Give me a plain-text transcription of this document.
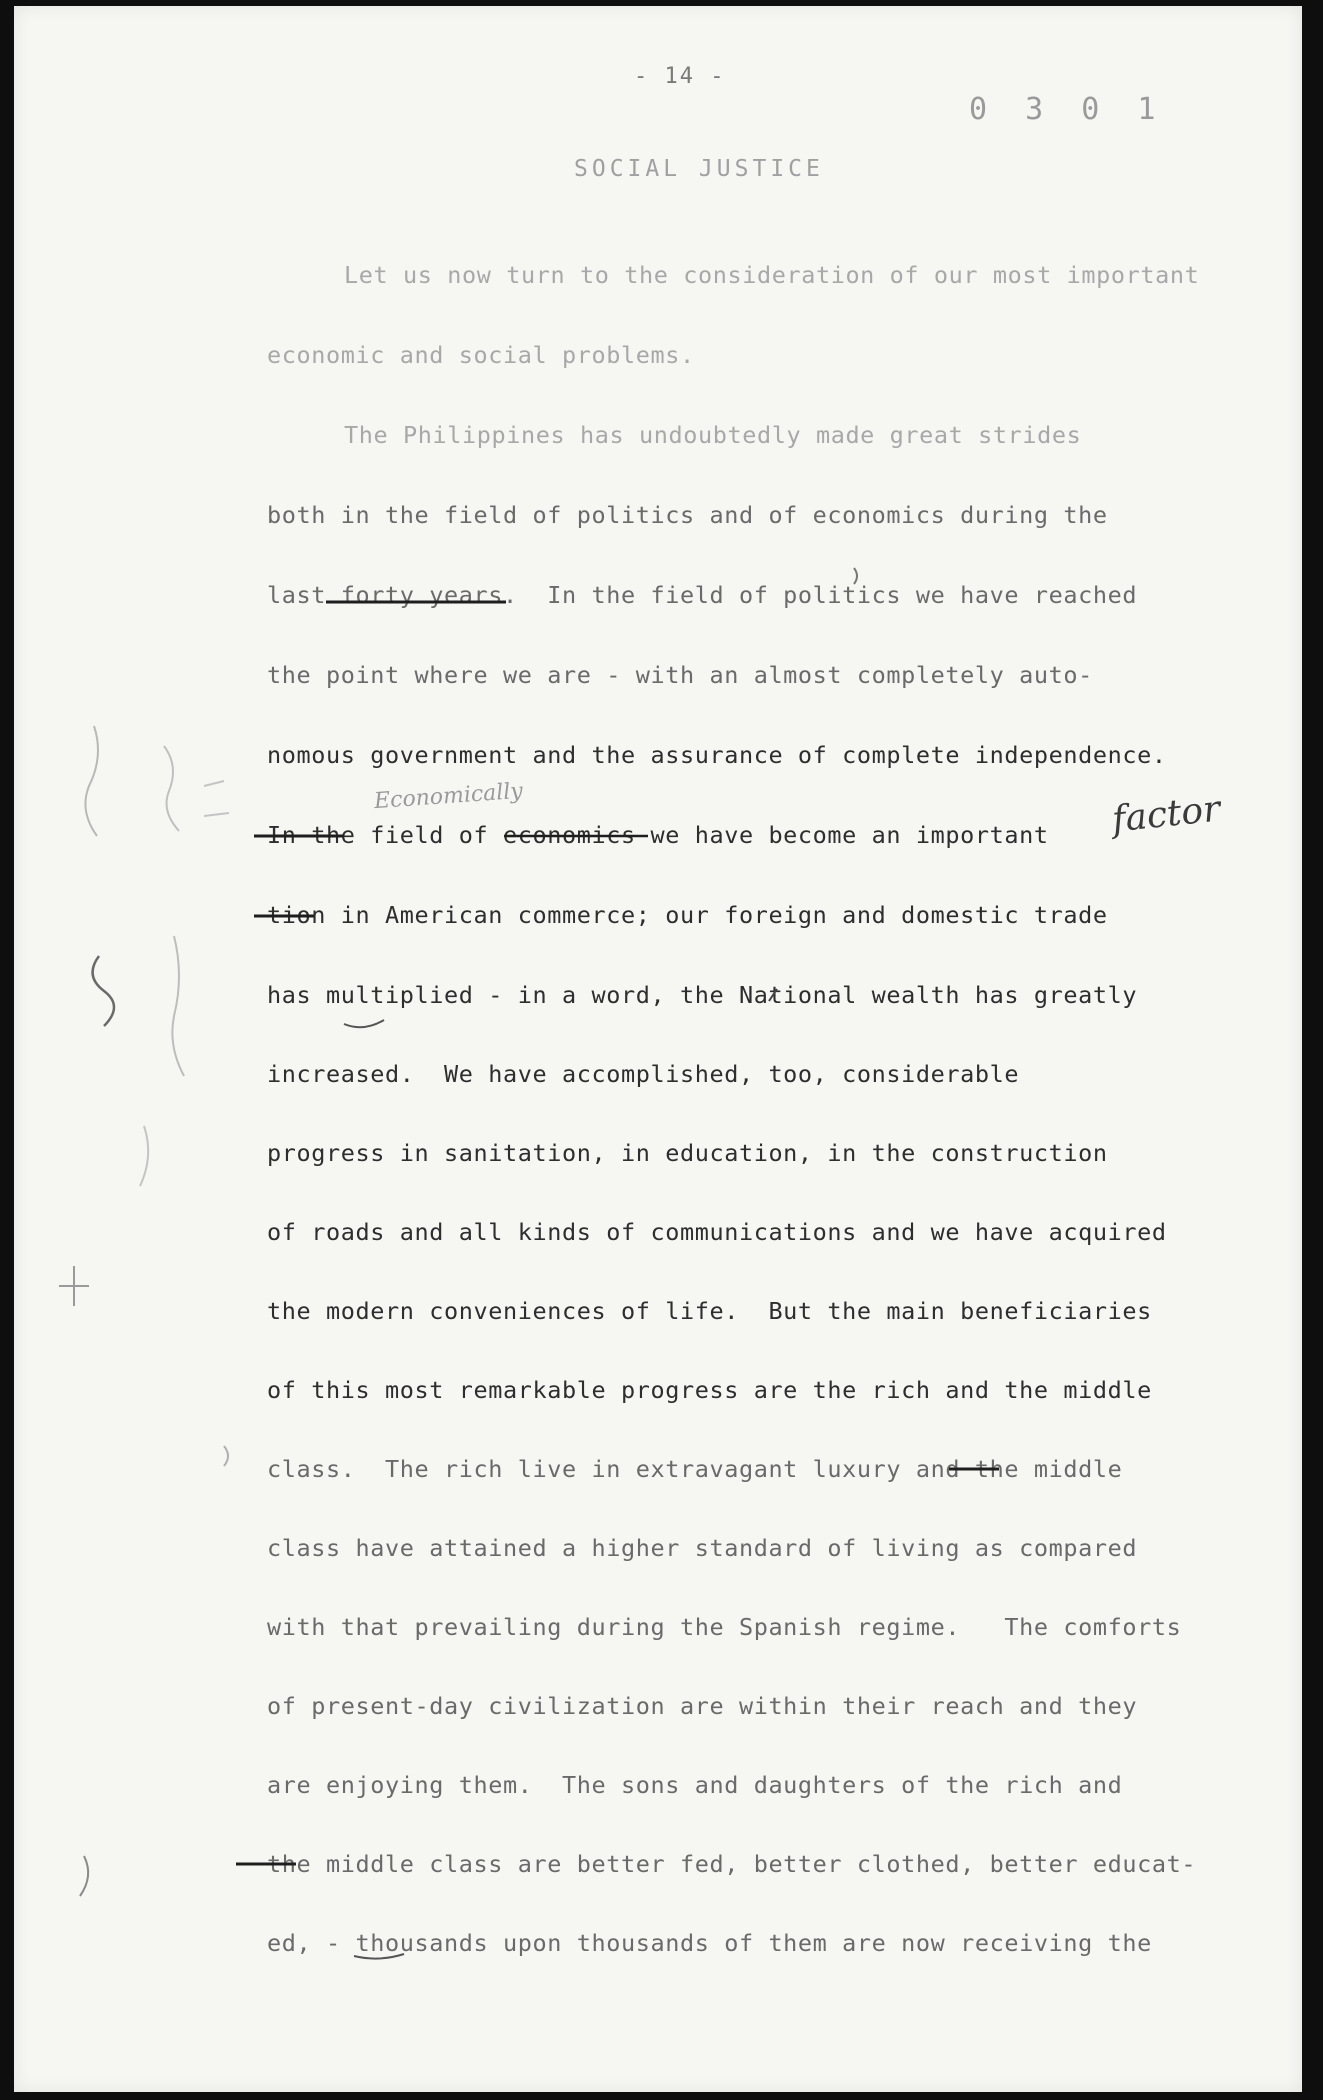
- 14 -
0 3 0 1
SOCIAL JUSTICE
Economically	factor
Let us now turn to the consideration of our most important
economic and social problems.
The Philippines has undoubtedly made great strides
both in the field of politics and of economics during the
last forty years.  In the field of politics we have reached
the point where we are - with an almost completely auto-
nomous government and the assurance of complete independence.
In the field of economics we have become an important
tion in American commerce; our foreign and domestic trade
has multiplied - in a word, the National wealth has greatly
increased.  We have accomplished, too, considerable
progress in sanitation, in education, in the construction
of roads and all kinds of communications and we have acquired
the modern conveniences of life.  But the main beneficiaries
of this most remarkable progress are the rich and the middle
class.  The rich live in extravagant luxury and the middle
class have attained a higher standard of living as compared
with that prevailing during the Spanish regime.   The comforts
of present-day civilization are within their reach and they
are enjoying them.  The sons and daughters of the rich and
the middle class are better fed, better clothed, better educat-
ed, - thousands upon thousands of them are now receiving the
